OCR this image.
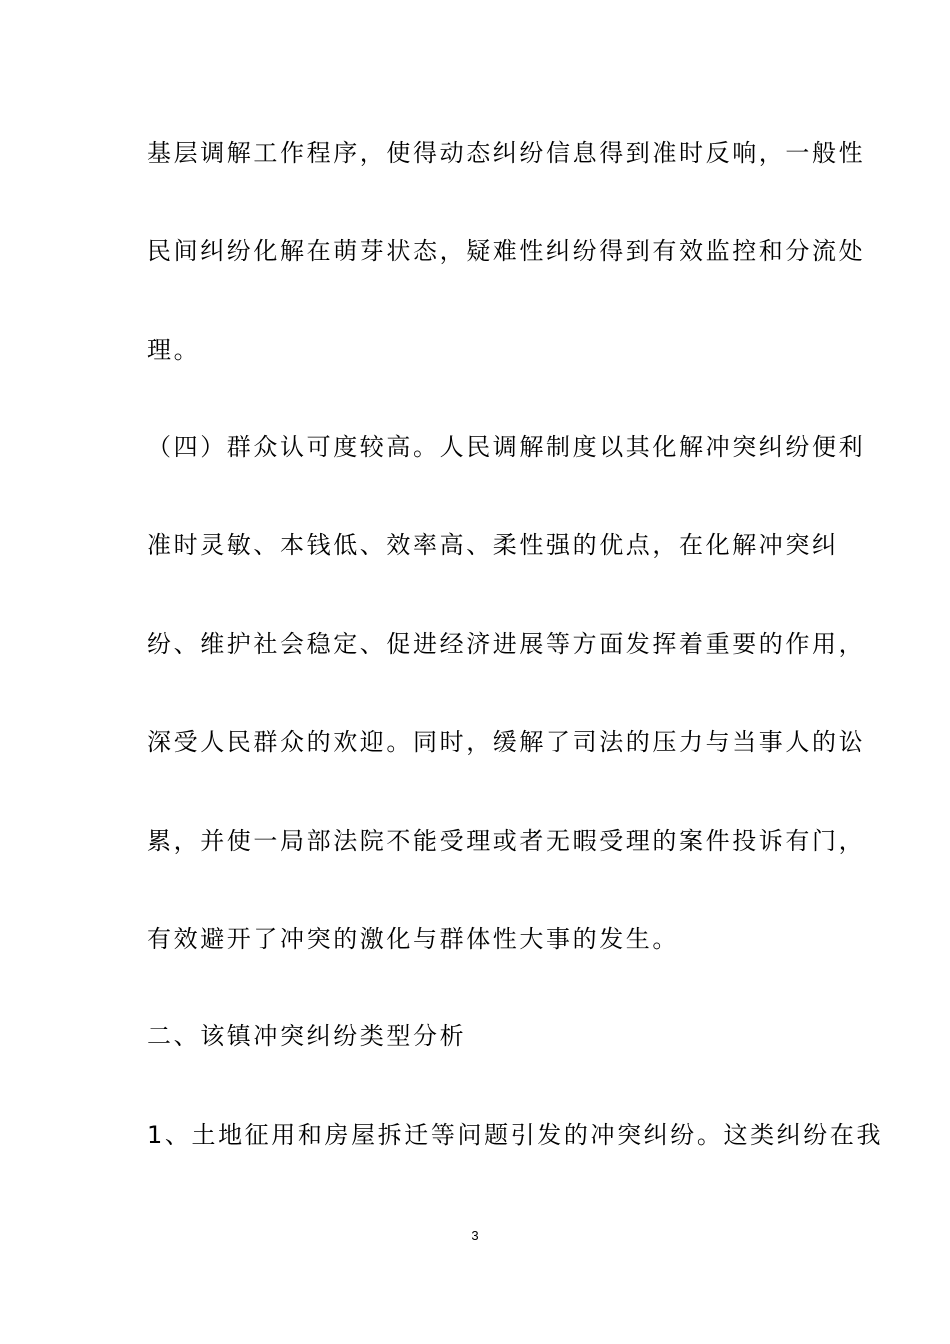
基层调解工作程序，使得动态纠纷信息得到准时反响，一般性
民间纠纷化解在萌芽状态，疑难性纠纷得到有效监控和分流处
理。
（四）群众认可度较高。人民调解制度以其化解冲突纠纷便利
准时灵敏、本钱低、效率高、柔性强的优点，在化解冲突纠
纷、维护社会稳定、促进经济进展等方面发挥着重要的作用，
深受人民群众的欢迎。同时，缓解了司法的压力与当事人的讼
累，并使一局部法院不能受理或者无暇受理的案件投诉有门，
有效避开了冲突的激化与群体性大事的发生。
二、该镇冲突纠纷类型分析
1、土地征用和房屋拆迁等问题引发的冲突纠纷。这类纠纷在我
3
